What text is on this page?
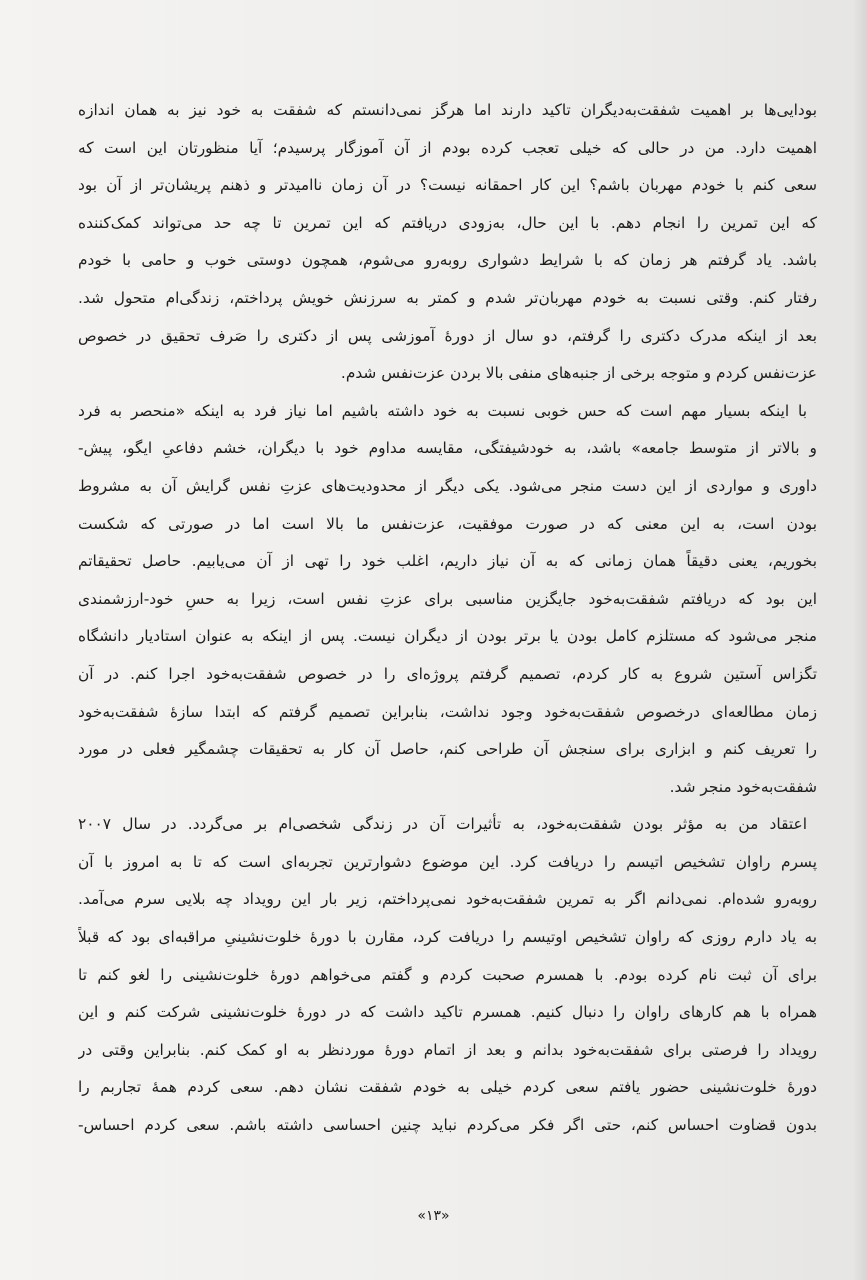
بودایی‌ها بر اهمیت شفقت‌به‌دیگران تاکید دارند اما هرگز نمی‌دانستم که شفقت به خود نیز به همان اندازه
اهمیت دارد. من در حالی که خیلی تعجب کرده بودم از آن آموزگار پرسیدم؛ آیا منظورتان این است که
سعی کنم با خودم مهربان باشم؟ این کار احمقانه نیست؟ در آن زمان ناامیدتر و ذهنم پریشان‌تر از آن بود
که این تمرین را انجام دهم. با این حال، به‌زودی دریافتم که این تمرین تا چه حد می‌تواند کمک‌کننده
باشد. یاد گرفتم هر زمان که با شرایط دشواری روبه‌رو می‌شوم، همچون دوستی خوب و حامی با خودم
رفتار کنم. وقتی نسبت به خودم مهربان‌تر شدم و کمتر به سرزنش خویش پرداختم، زندگی‌ام متحول شد.
بعد از اینکه مدرک دکتری را گرفتم، دو سال از دورۀ آموزشی پس از دکتری را صَرف تحقیق در خصوص
عزت‌نفس کردم و متوجه برخی از جنبه‌های منفی بالا بردن عزت‌نفس شدم.
با اینکه بسیار مهم است که حس خوبی نسبت به خود داشته باشیم اما نیاز فرد به اینکه «منحصر به فرد
و بالاتر از متوسط جامعه» باشد، به خودشیفتگی، مقایسه مداوم خود با دیگران، خشم دفاعیِ ایگو، پیش-
داوری و مواردی از این دست منجر می‌شود. یکی دیگر از محدودیت‌های عزتِ نفس گرایش آن به مشروط
بودن است، به این معنی که در صورت موفقیت، عزت‌نفس ما بالا است اما در صورتی که شکست
بخوریم، یعنی دقیقاً همان زمانی که به آن نیاز داریم، اغلب خود را تهی از آن می‌یابیم. حاصل تحقیقاتم
این بود که دریافتم شفقت‌به‌خود جایگزین مناسبی برای عزتِ نفس است، زیرا به حسِ خود-ارزشمندی
منجر می‌شود که مستلزم کامل بودن یا برتر بودن از دیگران نیست. پس از اینکه به عنوان استادیار دانشگاه
تگزاس آستین شروع به کار کردم، تصمیم گرفتم پروژه‌ای را در خصوص شفقت‌به‌خود اجرا کنم. در آن
زمان مطالعه‌ای درخصوص شفقت‌به‌خود وجود نداشت، بنابراین تصمیم گرفتم که ابتدا سازۀ شفقت‌به‌خود
را تعریف کنم و ابزاری برای سنجش آن طراحی کنم، حاصل آن کار به تحقیقات چشمگیر فعلی در مورد
شفقت‌به‌خود منجر شد.
اعتقاد من به مؤثر بودن شفقت‌به‌خود، به تأثیرات آن در زندگی شخصی‌ام بر می‌گردد. در سال ۲۰۰۷
پسرم راوان تشخیص اتیسم را دریافت کرد. این موضوع دشوارترین تجربه‌ای است که تا به امروز با آن
روبه‌رو شده‌ام. نمی‌دانم اگر به تمرین شفقت‌به‌خود نمی‌پرداختم، زیر بار این رویداد چه بلایی سرم می‌آمد.
به یاد دارم روزی که راوان تشخیص اوتیسم را دریافت کرد، مقارن با دورۀ خلوت‌نشینیِ مراقبه‌ای بود که قبلاً
برای آن ثبت نام کرده بودم. با همسرم صحبت کردم و گفتم می‌خواهم دورۀ خلوت‌نشینی را لغو کنم تا
همراه با هم کارهای راوان را دنبال کنیم. همسرم تاکید داشت که در دورۀ خلوت‌نشینی شرکت کنم و این
رویداد را فرصتی برای شفقت‌به‌خود بدانم و بعد از اتمام دورۀ موردنظر به او کمک کنم. بنابراین وقتی در
دورۀ خلوت‌نشینی حضور یافتم سعی کردم خیلی به خودم شفقت نشان دهم. سعی کردم همۀ تجاربم را
بدون قضاوت احساس کنم، حتی اگر فکر می‌کردم نباید چنین احساسی داشته باشم. سعی کردم احساس-
«۱۳»
